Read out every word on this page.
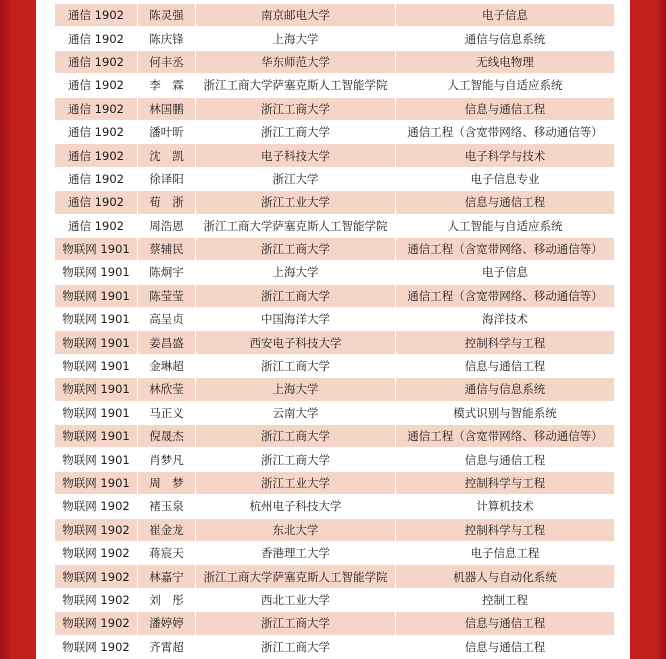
通信 1902	陈灵强	南京邮电大学	电子信息
通信 1902	陈庆锋	上海大学	通信与信息系统
通信 1902	何丰丞	华东师范大学	无线电物理
通信 1902	李　霖	浙江工商大学萨塞克斯人工智能学院	人工智能与自适应系统
通信 1902	林国鹏	浙江工商大学	信息与通信工程
通信 1902	潘叶昕	浙江工商大学	通信工程（含宽带网络、移动通信等）
通信 1902	沈　凯	电子科技大学	电子科学与技术
通信 1902	徐译阳	浙江大学	电子信息专业
通信 1902	荀　浙	浙江工业大学	信息与通信工程
通信 1902	周浩恩	浙江工商大学萨塞克斯人工智能学院	人工智能与自适应系统
物联网 1901	蔡辅民	浙江工商大学	通信工程（含宽带网络、移动通信等）
物联网 1901	陈炯宇	上海大学	电子信息
物联网 1901	陈莹莹	浙江工商大学	通信工程（含宽带网络、移动通信等）
物联网 1901	高呈贞	中国海洋大学	海洋技术
物联网 1901	姜昌盛	西安电子科技大学	控制科学与工程
物联网 1901	金琳超	浙江工商大学	信息与通信工程
物联网 1901	林欣莹	上海大学	通信与信息系统
物联网 1901	马正义	云南大学	模式识别与智能系统
物联网 1901	倪晟杰	浙江工商大学	通信工程（含宽带网络、移动通信等）
物联网 1901	肖梦凡	浙江工商大学	信息与通信工程
物联网 1901	周　梦	浙江工业大学	控制科学与工程
物联网 1902	褚玉泉	杭州电子科技大学	计算机技术
物联网 1902	崔金龙	东北大学	控制科学与工程
物联网 1902	蒋宸天	香港理工大学	电子信息工程
物联网 1902	林嘉宁	浙江工商大学萨塞克斯人工智能学院	机器人与自动化系统
物联网 1902	刘　彤	西北工业大学	控制工程
物联网 1902	潘婷婷	浙江工商大学	信息与通信工程
物联网 1902	齐霄超	浙江工商大学	信息与通信工程
